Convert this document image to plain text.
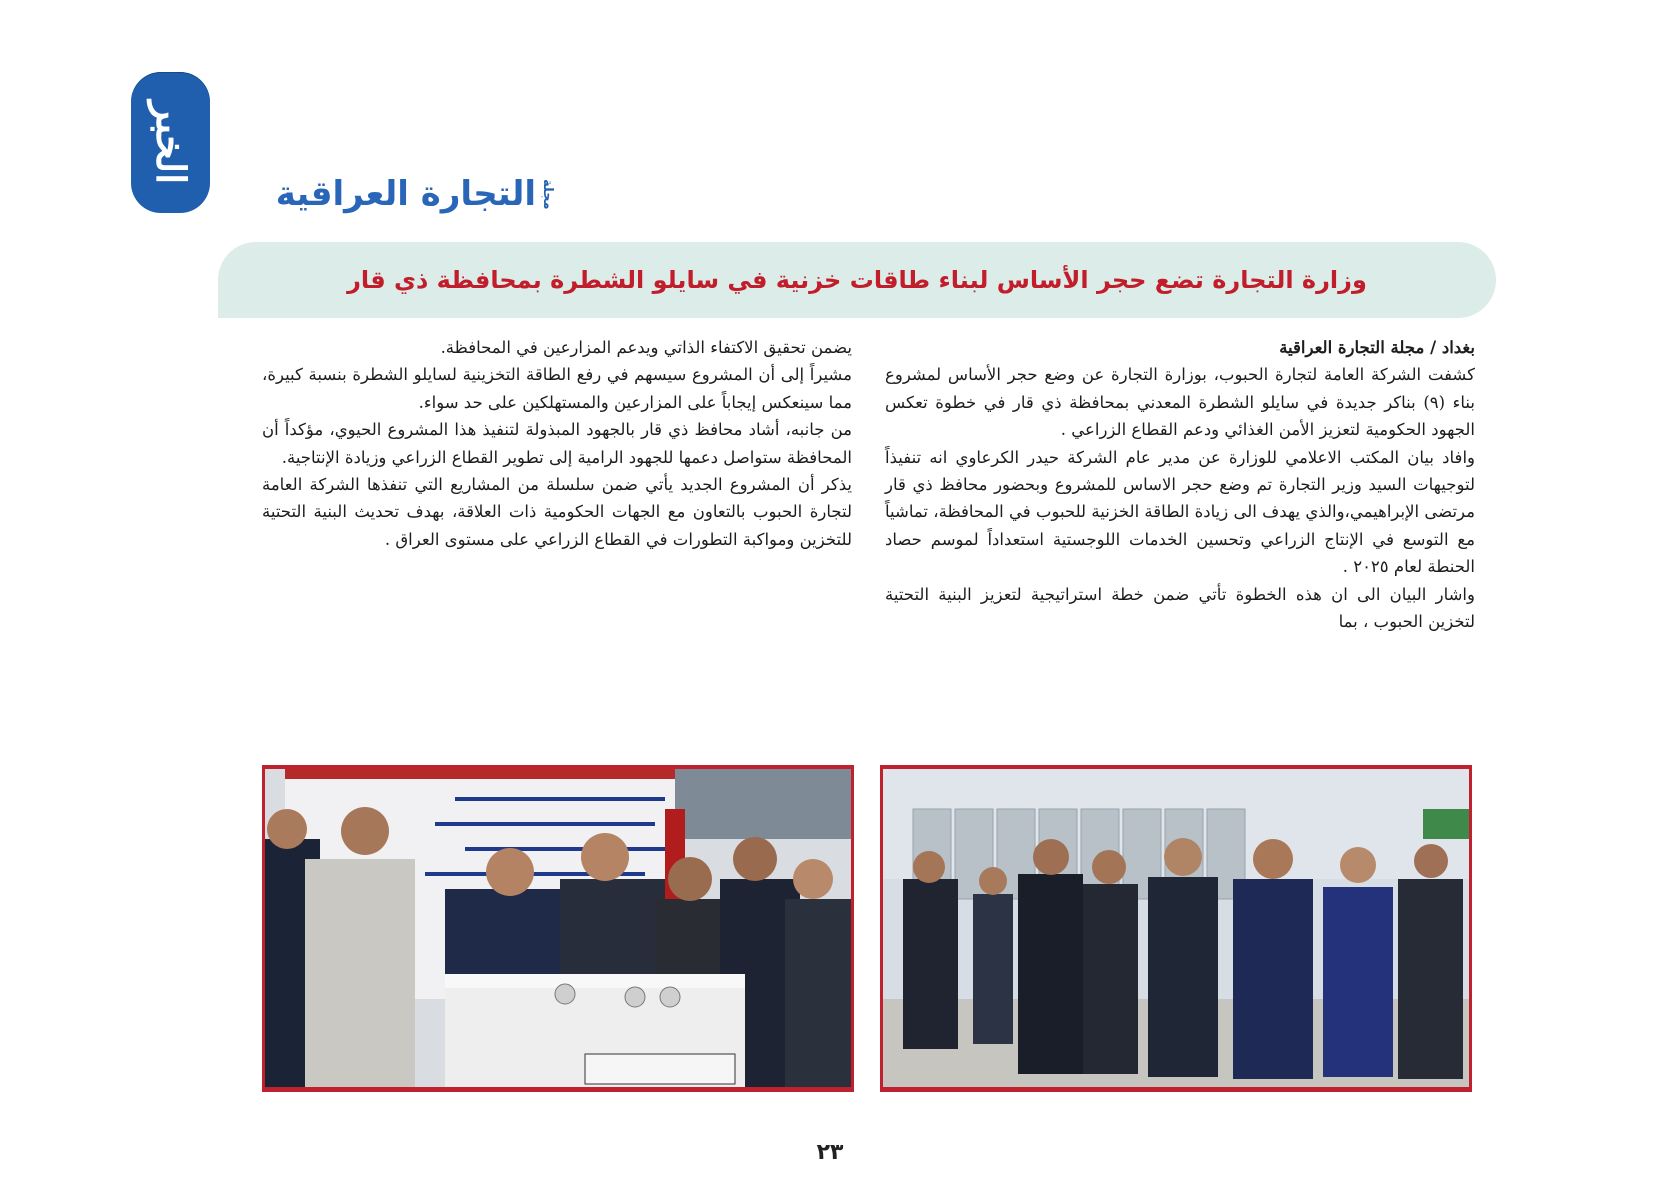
الخبر
مجلة
التجارة العراقية
وزارة التجارة تضع حجر الأساس لبناء طاقات خزنية في سايلو الشطرة بمحافظة ذي قار

بغداد / مجلة التجارة العراقية

كشفت الشركة العامة لتجارة الحبوب، بوزارة التجارة عن وضع حجر الأساس لمشروع بناء (٩) بناكر جديدة في سايلو الشطرة المعدني بمحافظة ذي قار في خطوة تعكس الجهود الحكومية لتعزيز الأمن الغذائي ودعم القطاع الزراعي .

وافاد بيان المكتب الاعلامي للوزارة عن مدير عام الشركة حيدر الكرعاوي انه تنفيذاً لتوجيهات السيد وزير التجارة تم وضع حجر الاساس للمشروع وبحضور محافظ ذي قار مرتضى الإبراهيمي،والذي يهدف الى زيادة الطاقة الخزنية للحبوب في المحافظة، تماشياً مع التوسع في الإنتاج الزراعي وتحسين الخدمات اللوجستية استعداداً لموسم حصاد الحنطة لعام ٢٠٢٥ .

واشار البيان الى ان هذه الخطوة تأتي ضمن خطة استراتيجية لتعزيز البنية التحتية لتخزين الحبوب ، بما

يضمن تحقيق الاكتفاء الذاتي ويدعم المزارعين في المحافظة.

مشيراً إلى أن المشروع سيسهم في رفع الطاقة التخزينية لسايلو الشطرة بنسبة كبيرة، مما سينعكس إيجاباً على المزارعين والمستهلكين على حد سواء.

من جانبه، أشاد محافظ ذي قار بالجهود المبذولة لتنفيذ هذا المشروع الحيوي، مؤكداً أن المحافظة ستواصل دعمها للجهود الرامية إلى تطوير القطاع الزراعي وزيادة الإنتاجية.

يذكر أن المشروع الجديد يأتي ضمن سلسلة من المشاريع التي تنفذها الشركة العامة لتجارة الحبوب بالتعاون مع الجهات الحكومية ذات العلاقة، بهدف تحديث البنية التحتية للتخزين ومواكبة التطورات في القطاع الزراعي على مستوى العراق .

٢٣
